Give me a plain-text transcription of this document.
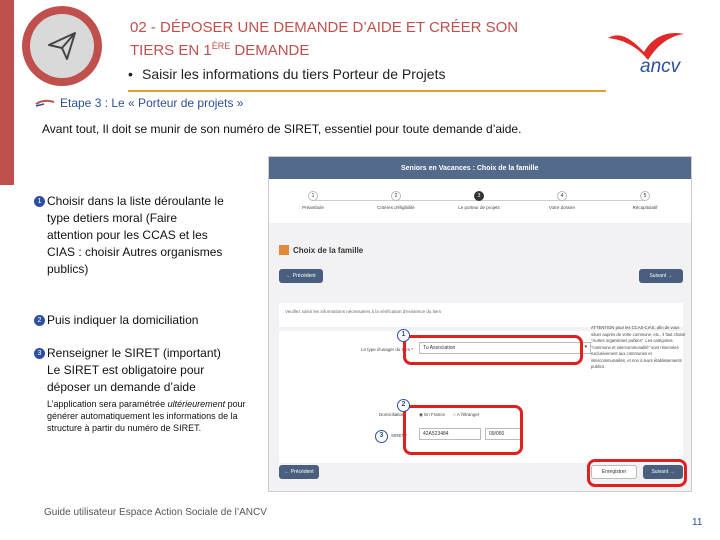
02 - DÉPOSER UNE DEMANDE D’AIDE ET CRÉER SON
TIERS EN 1ÈRE DEMANDE
• Saisir les informations du tiers Porteur de Projets	ancv
Etape 3 : Le « Porteur de projets »
Avant tout, Il doit se munir de son numéro de SIRET, essentiel pour toute demande d’aide.
1 Choisir dans la liste déroulante le
type detiers moral (Faire
attention pour les CCAS et les
CIAS : choisir Autres organismes
publics)
2 Puis indiquer la domiciliation
3 Renseigner le SIRET (important)
Le SIRET est obligatoire pour
déposer un demande d’aide
L’application sera paramétrée ultérieurement pour générer automatiquement les informations de la structure à partir du numéro de SIRET.
Seniors en Vacances : Choix de la famille
1
Préambule
2
Critères d'éligibilité
3
Le porteur de projets
4
Votre dossier
5
Récapitulatif
Choix de la famille
← Précédent	Suivant →
Veuillez saisir les informations nécessaires à la vérification d'existence du tiers
Le type d'usager du tiers *	Tu Association	▾
Domiciliation	◉ En France ○ A l'étranger
SIRET *	42A523484	09/050
ATTENTION pour les CCAS-CIAS, afin de vous situer auprès de votre commune, etc., il faut choisir "Autres organismes publics". Les catégories "commune et intercommunalité" sont réservées exclusivement aux communes et intercommunalités, et non à leurs établissements publics.
← Précédent	Enregistrer	Suivant →
1
2
3
Guide utilisateur Espace Action Sociale de l’ANCV
11
